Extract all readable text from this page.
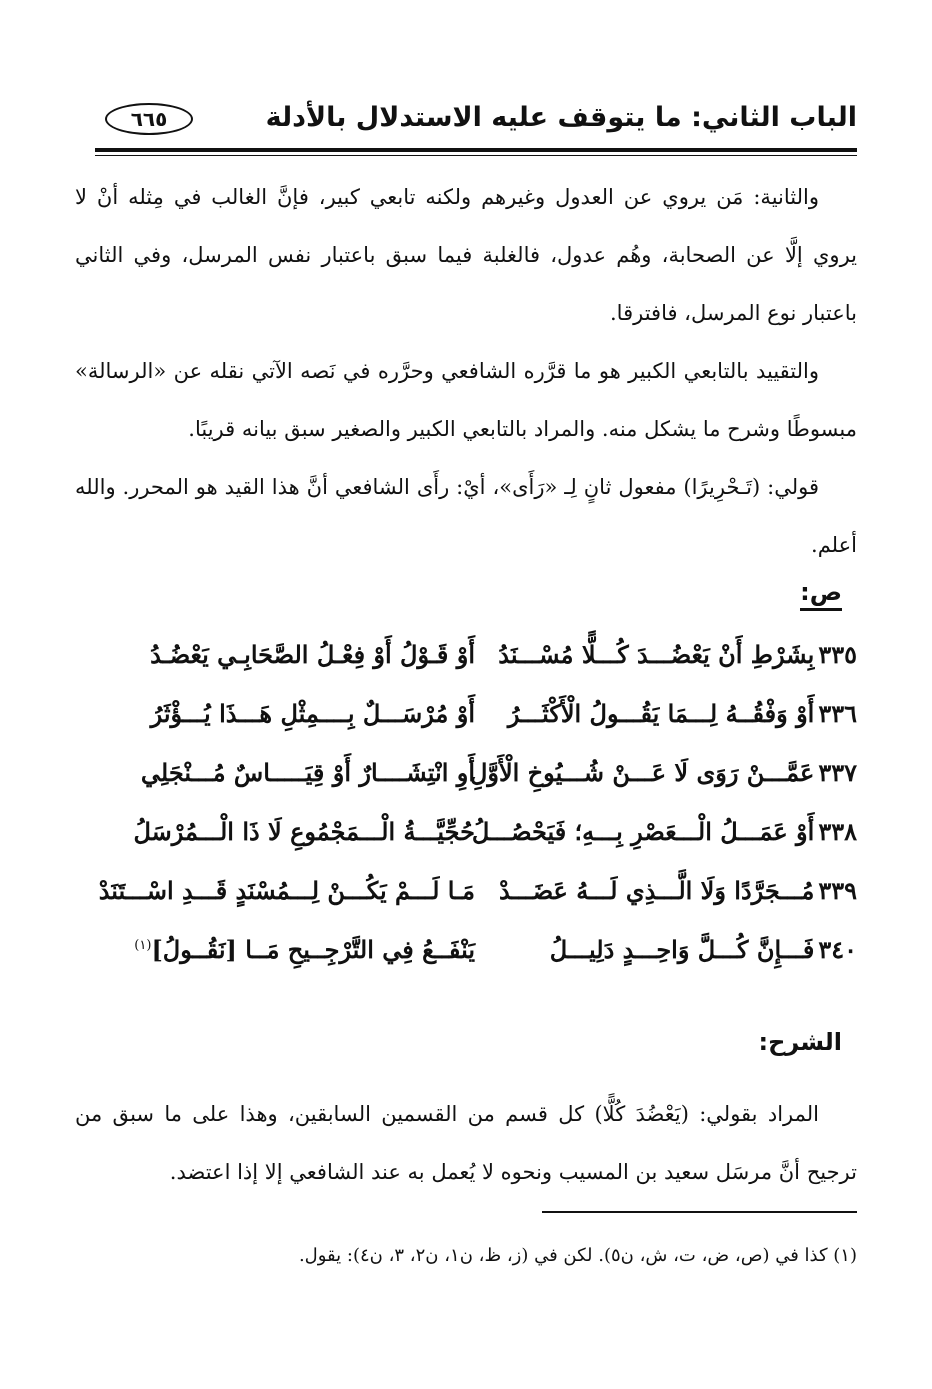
الباب الثاني: ما يتوقف عليه الاستدلال بالأدلة
٦٦٥

والثانية: مَن يروي عن العدول وغيرهم ولكنه تابعي كبير، فإنَّ الغالب في مِثله أنْ لا يروي إلَّا عن الصحابة، وهُم عدول، فالغلبة فيما سبق باعتبار نفس المرسل، وفي الثاني باعتبار نوع المرسل، فافترقا.

والتقييد بالتابعي الكبير هو ما قرَّره الشافعي وحرَّره في نَصه الآتي نقله عن «الرسالة» مبسوطًا وشرح ما يشكل منه. والمراد بالتابعي الكبير والصغير سبق بيانه قريبًا.

قولي: (تَـحْرِيرًا) مفعول ثانٍ لِـ «رَأَى»، أيْ: رأَى الشافعي أنَّ هذا القيد هو المحرر. والله أعلم.

ص:
٣٣٥بِشَرْطِ أَنْ يَعْضُـــدَ كُـــلًّا مُسْـــنَدُ
أَوْ قَـوْلُ أَوْ فِعْـلُ الصَّحَابِـي يَعْضُـدُ
٣٣٦أَوْ وَفْقُــهُ لِـــمَا يَقُـــولُ الْأَكْثَـــرُ
أَوْ مُرْسَـــلٌ بِــــمِثْلِ هَـــذَا يُـــؤْثَرُ
٣٣٧عَمَّـــنْ رَوَى لَا عَـــنْ شُـــيُوخِ الْأَوَّلِ
أَوِ انْتِشَــــارٌ أَوْ قِيَـــــاسٌ مُـــنْجَلِي
٣٣٨أَوْ عَمَـــلُ الْـــعَصْرِ بِـــهِ؛ فَيَحْصُـــلُ
حُجِّيَّـــةُ الْـــمَجْمُوعِ لَا ذَا الْـــمُرْسَلُ
٣٣٩مُـــجَرَّدًا وَلَا الَّـــذِي لَـــهُ عَضَـــدْ
مَـا لَـــمْ يَكُـــنْ لِـــمُسْنَدٍ قَـــدِ اسْـــتَنَدْ
٣٤٠فَـــإِنَّ كُـــلَّ وَاحِـــدٍ دَلِيـــلُ
يَنْفَــعُ فِي التَّرْجِــيحِ مَــا [نَقُــولُ]$^{(١)}$
الشرح:

المراد بقولي: (يَعْضُدَ كُلًّا) كل قسم من القسمين السابقين، وهذا على ما سبق من ترجيح أنَّ مرسَل سعيد بن المسيب ونحوه لا يُعمل به عند الشافعي إلا إذا اعتضد.

(١) كذا في (ص، ض، ت، ش، ن٥). لكن في (ز، ظ، ن١، ن٢، ٣، ن٤): يقول.
